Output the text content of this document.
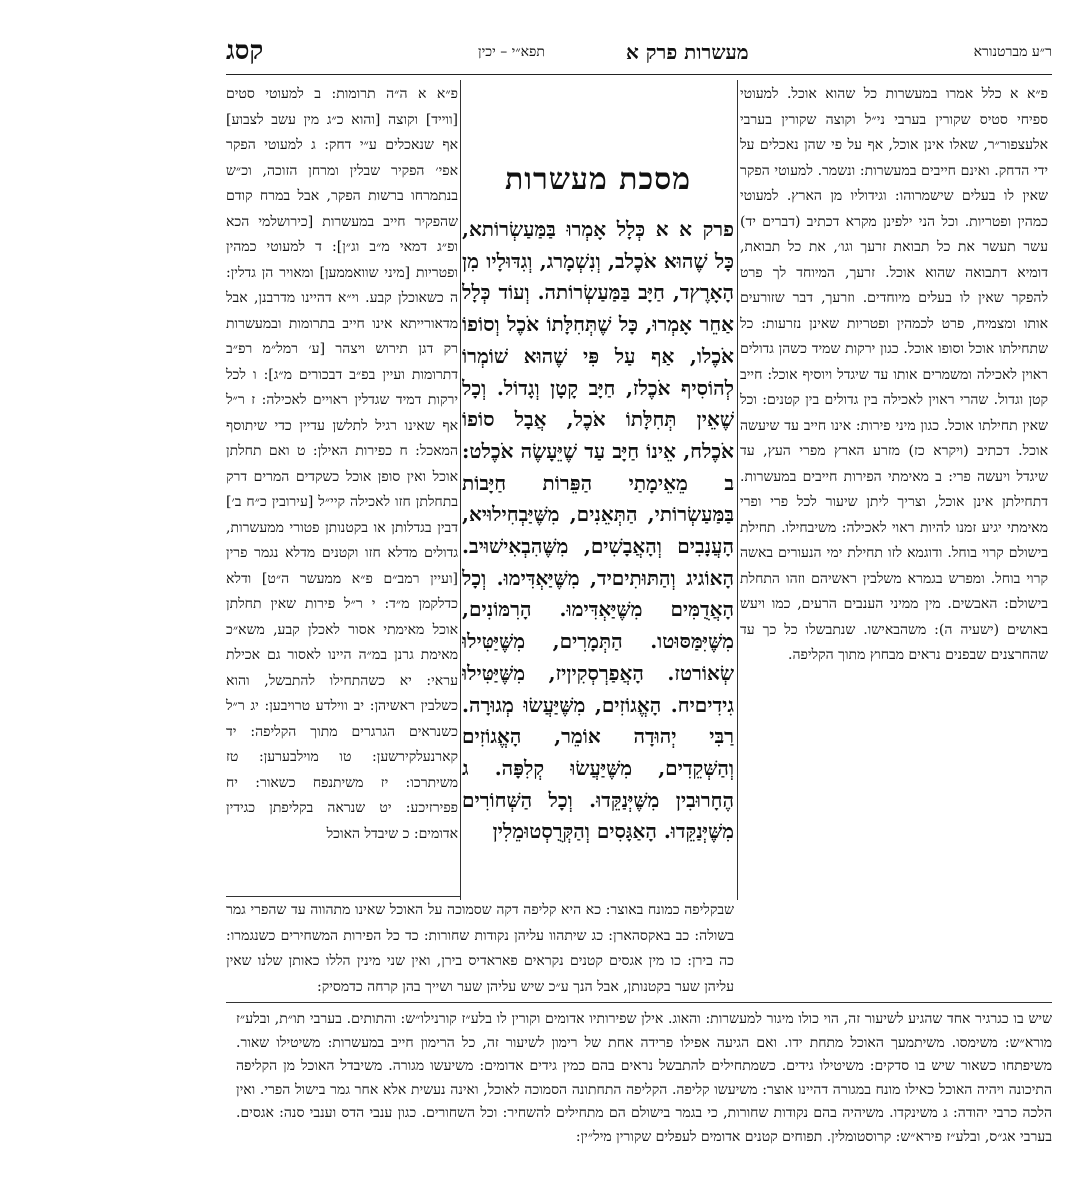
ר״ע מברטנורא
מעשרות פרק א
תפא״י – יכין
קסג

פ״א א כלל אמרו במעשרות כל שהוא אוכל. למעוטי ספיחי סטיס שקורין בערבי ני״ל וקוצה שקורין בערבי אלעצפור״ר, שאלו אינן אוכל, אף על פי שהן נאכלים על ידי הדחק. ואינם חייבים במעשרות: ונשמר. למעוטי הפקר שאין לו בעלים שישמרוהו: וגידוליו מן הארץ. למעוטי כמהין ופטריות. וכל הני ילפינן מקרא דכתיב (דברים יד) עשר תעשר את כל תבואת זרעך וגו׳, את כל תבואת, דומיא דתבואה שהוא אוכל. זרעך, המיוחד לך פרט להפקר שאין לו בעלים מיוחדים. וזרעך, דבר שזורעים אותו ומצמיח, פרט לכמהין ופטריות שאינן נזרעות: כל שתחילתו אוכל וסופו אוכל. כגון ירקות שמיד כשהן גדולים ראוין לאכילה ומשמרים אותו עד שיגדל ויוסיף אוכל: חייב קטן וגדול. שהרי ראוין לאכילה בין גדולים בין קטנים: וכל שאין תחילתו אוכל. כגון מיני פירות: אינו חייב עד שיעשה אוכל. דכתיב (ויקרא כז) מזרע הארץ מפרי העץ, עד שיגדל ויעשה פרי: ב מאימתי הפירות חייבים במעשרות. דתחילתן אינן אוכל, וצריך ליתן שיעור לכל פרי ופרי מאימתי יגיע זמנו להיות ראוי לאכילה: משיבחילו. תחילת בישולם קרוי בוחל. ודוגמא לזו תחילת ימי הנעורים באשה קרוי בוחל. ומפרש בגמרא משלבין ראשיהם וזהו התחלת בישולם: האבשים. מין ממיני הענבים הרעים, כמו ויעש באושים (ישעיה ה): משהבאישו. שנתבשלו כל כך עד שהחרצנים שבפנים נראים מבחוץ מתוך הקליפה.

מסכת מעשרות

פרק א א כְּלָל אָמְרוּ בַּמַּעַשְׂרוֹתא, כָּל שֶׁהוּא אֹכֶלב, וְנִשְׁמָרג, וְגִדּוּלָיו מִן הָאָרֶץד, חַיָּב בַּמַּעַשְׂרוֹתה. וְעוֹד כְּלָל אַחֵר אָמְרוּ, כָּל שֶׁתְּחִלָּתוֹ אֹכֶל וְסוֹפוֹ אֹכֶלו, אַף עַל פִּי שֶׁהוּא שׁוֹמְרוֹ לְהוֹסִיף אֹכֶלז, חַיָּב קָטָן וְגָדוֹל. וְכָל שֶׁאֵין תְּחִלָּתוֹ אֹכֶל, אֲבָל סוֹפוֹ אֹכֶלח, אֵינוֹ חַיָּב עַד שֶׁיֵּעָשֶׂה אֹכֶלט: ב מֵאֵימָתַי הַפֵּרוֹת חַיָּבוֹת בַּמַּעַשְׂרוֹתי, הַתְּאֵנִים, מִשֶּׁיַּבְחִילוּיא, הָעֲנָבִים וְהָאֲבָשִׁים, מִשֶּׁהִבְאִישׁוּיב. הָאוֹגיג וְהַתּוּתִיםיד, מִשֶּׁיַּאְדִּימוּ. וְכָל הָאֲדֻמִּים מִשֶּׁיַּאְדִּימוּ. הָרִמּוֹנִים, מִשֶּׁיִּמַּסּוּטו. הַתְּמָרִים, מִשֶּׁיַּטִּילוּ שְׂאוֹרטז. הָאֲפַרְסְקִיןיז, מִשֶּׁיַּטִּילוּ גִידִיםיח. הָאֱגוֹזִים, מִשֶּׁיַּעֲשׂוּ מְגוּרָה. רַבִּי יְהוּדָה אוֹמֵר, הָאֱגוֹזִים וְהַשְּׁקֵדִים, מִשֶּׁיַּעֲשׂוּ קְלִפָּה. ג הֶחָרוּבִין מִשֶּׁיְּנַקֵּדוּ. וְכָל הַשְּׁחוֹרִים מִשֶּׁיְּנַקֵּדוּ. הָאַגָּסִים וְהַקְּרֻסְטוּמֵלִין

פ״א א ה״ה תרומות: ב למעוטי סטים [ווייד] וקוצה [והוא כ״ג מין עשב לצבוע] אף שנאכלים ע״י דחק: ג למעוטי הפקר אפי׳ הפקיר שבלין ומרחן הזוכה, וכ״ש בנתמרחו ברשות הפקר, אבל במרח קודם שהפקיר חייב במעשרות [כירושלמי הכא ופ״ג דמאי מ״ב וג״ן]: ד למעוטי כמהין ופטריות [מיני שוואממען] ומאויר הן גדלין: ה כשאוכלן קבע. וי״א דהיינו מדרבנן, אבל מדאורייתא אינו חייב בתרומות ובמעשרות רק דגן תירוש ויצהר [ע׳ רמל״מ רפ״ב דתרומות ועיין בפ״ב דבכורים מ״ג]: ו לכל ירקות דמיד שגדלין ראויים לאכילה: ז ר״ל אף שאינו רגיל לתלשן עדיין כדי שיתוסף המאכל: ח כפירות האילן: ט ואם תחלתן אוכל ואין סופן אוכל כשקדים המרים דרק בתחלתן חזו לאכילה קיי״ל [עירובין כ״ח ב׳] דבין בגדלותן או בקטנותן פטורי ממעשרות, גדולים מדלא חזו וקטנים מדלא נגמר פרין [ועיין רמב״ם פ״א ממעשר ה״ט] ודלא כדלקמן מ״ד: י ר״ל פירות שאין תחלתן אוכל מאימתי אסור לאכלן קבע, משא״כ מאימת גרנן במ״ה היינו לאסור גם אכילת עראי: יא כשהתחילו להתבשל, והוא כשלבין ראשיהן: יב ווילדע טרויבען: יג ר״ל כשנראים הגרגרים מתוך הקליפה: יד קארנעלקירשען: טו מוילבערען: טז משיתרכו: יז משיתנפח כשאור: יח פפירזיכע: יט שנראה בקליפתן כגידין אדומים: כ שיבדל האוכל

שבקליפה כמונח באוצר: כא היא קליפה דקה שסמוכה על האוכל שאינו מתהווה עד שהפרי גמר בשולה: כב באקסהארן: כג שיתהוו עליהן נקודות שחורות: כד כל הפירות המשחירים כשנגמרו: כה בירן: כו מין אגסים קטנים נקראים פאראדיס בירן, ואין שני מינין הללו כאותן שלנו שאין עליהן שער בקטנותן, אבל הנך ע״כ שיש עליהן שער ושייך בהן קרחה כדמסיק:

שיש בו כגרגיר אחד שהגיע לשיעור זה, הוי כולו מיגור למעשרות: והאוג. אילן שפירותיו אדומים וקורין לו בלע״ז קורנילו״ש: והתותים. בערבי תו״ת, ובלע״ז מורא״ש: משימסו. משיתמעך האוכל מתחת ידו. ואם הגיעה אפילו פרידה אחת של רימון לשיעור זה, כל הרימון חייב במעשרות: משיטילו שאור. משיפתחו כשאור שיש בו סדקים: משיטילו גידים. כשמתחילים להתבשל נראים בהם כמין גידים אדומים: משיעשו מגורה. משיבדל האוכל מן הקליפה התיכונה ויהיה האוכל כאילו מונח במגורה דהיינו אוצר: משיעשו קליפה. הקליפה התחתונה הסמוכה לאוכל, ואינה נעשית אלא אחר גמר בישול הפרי. ואין הלכה כרבי יהודה: ג משינקדו. משיהיה בהם נקודות שחורות, כי בגמר בישולם הם מתחילים להשחיר: וכל השחורים. כגון ענבי הדס וענבי סנה: אגסים. בערבי אג״ס, ובלע״ז פירא״ש: קרוסטומלין. תפוחים קטנים אדומים לעפלים שקורין מיל״ין:
